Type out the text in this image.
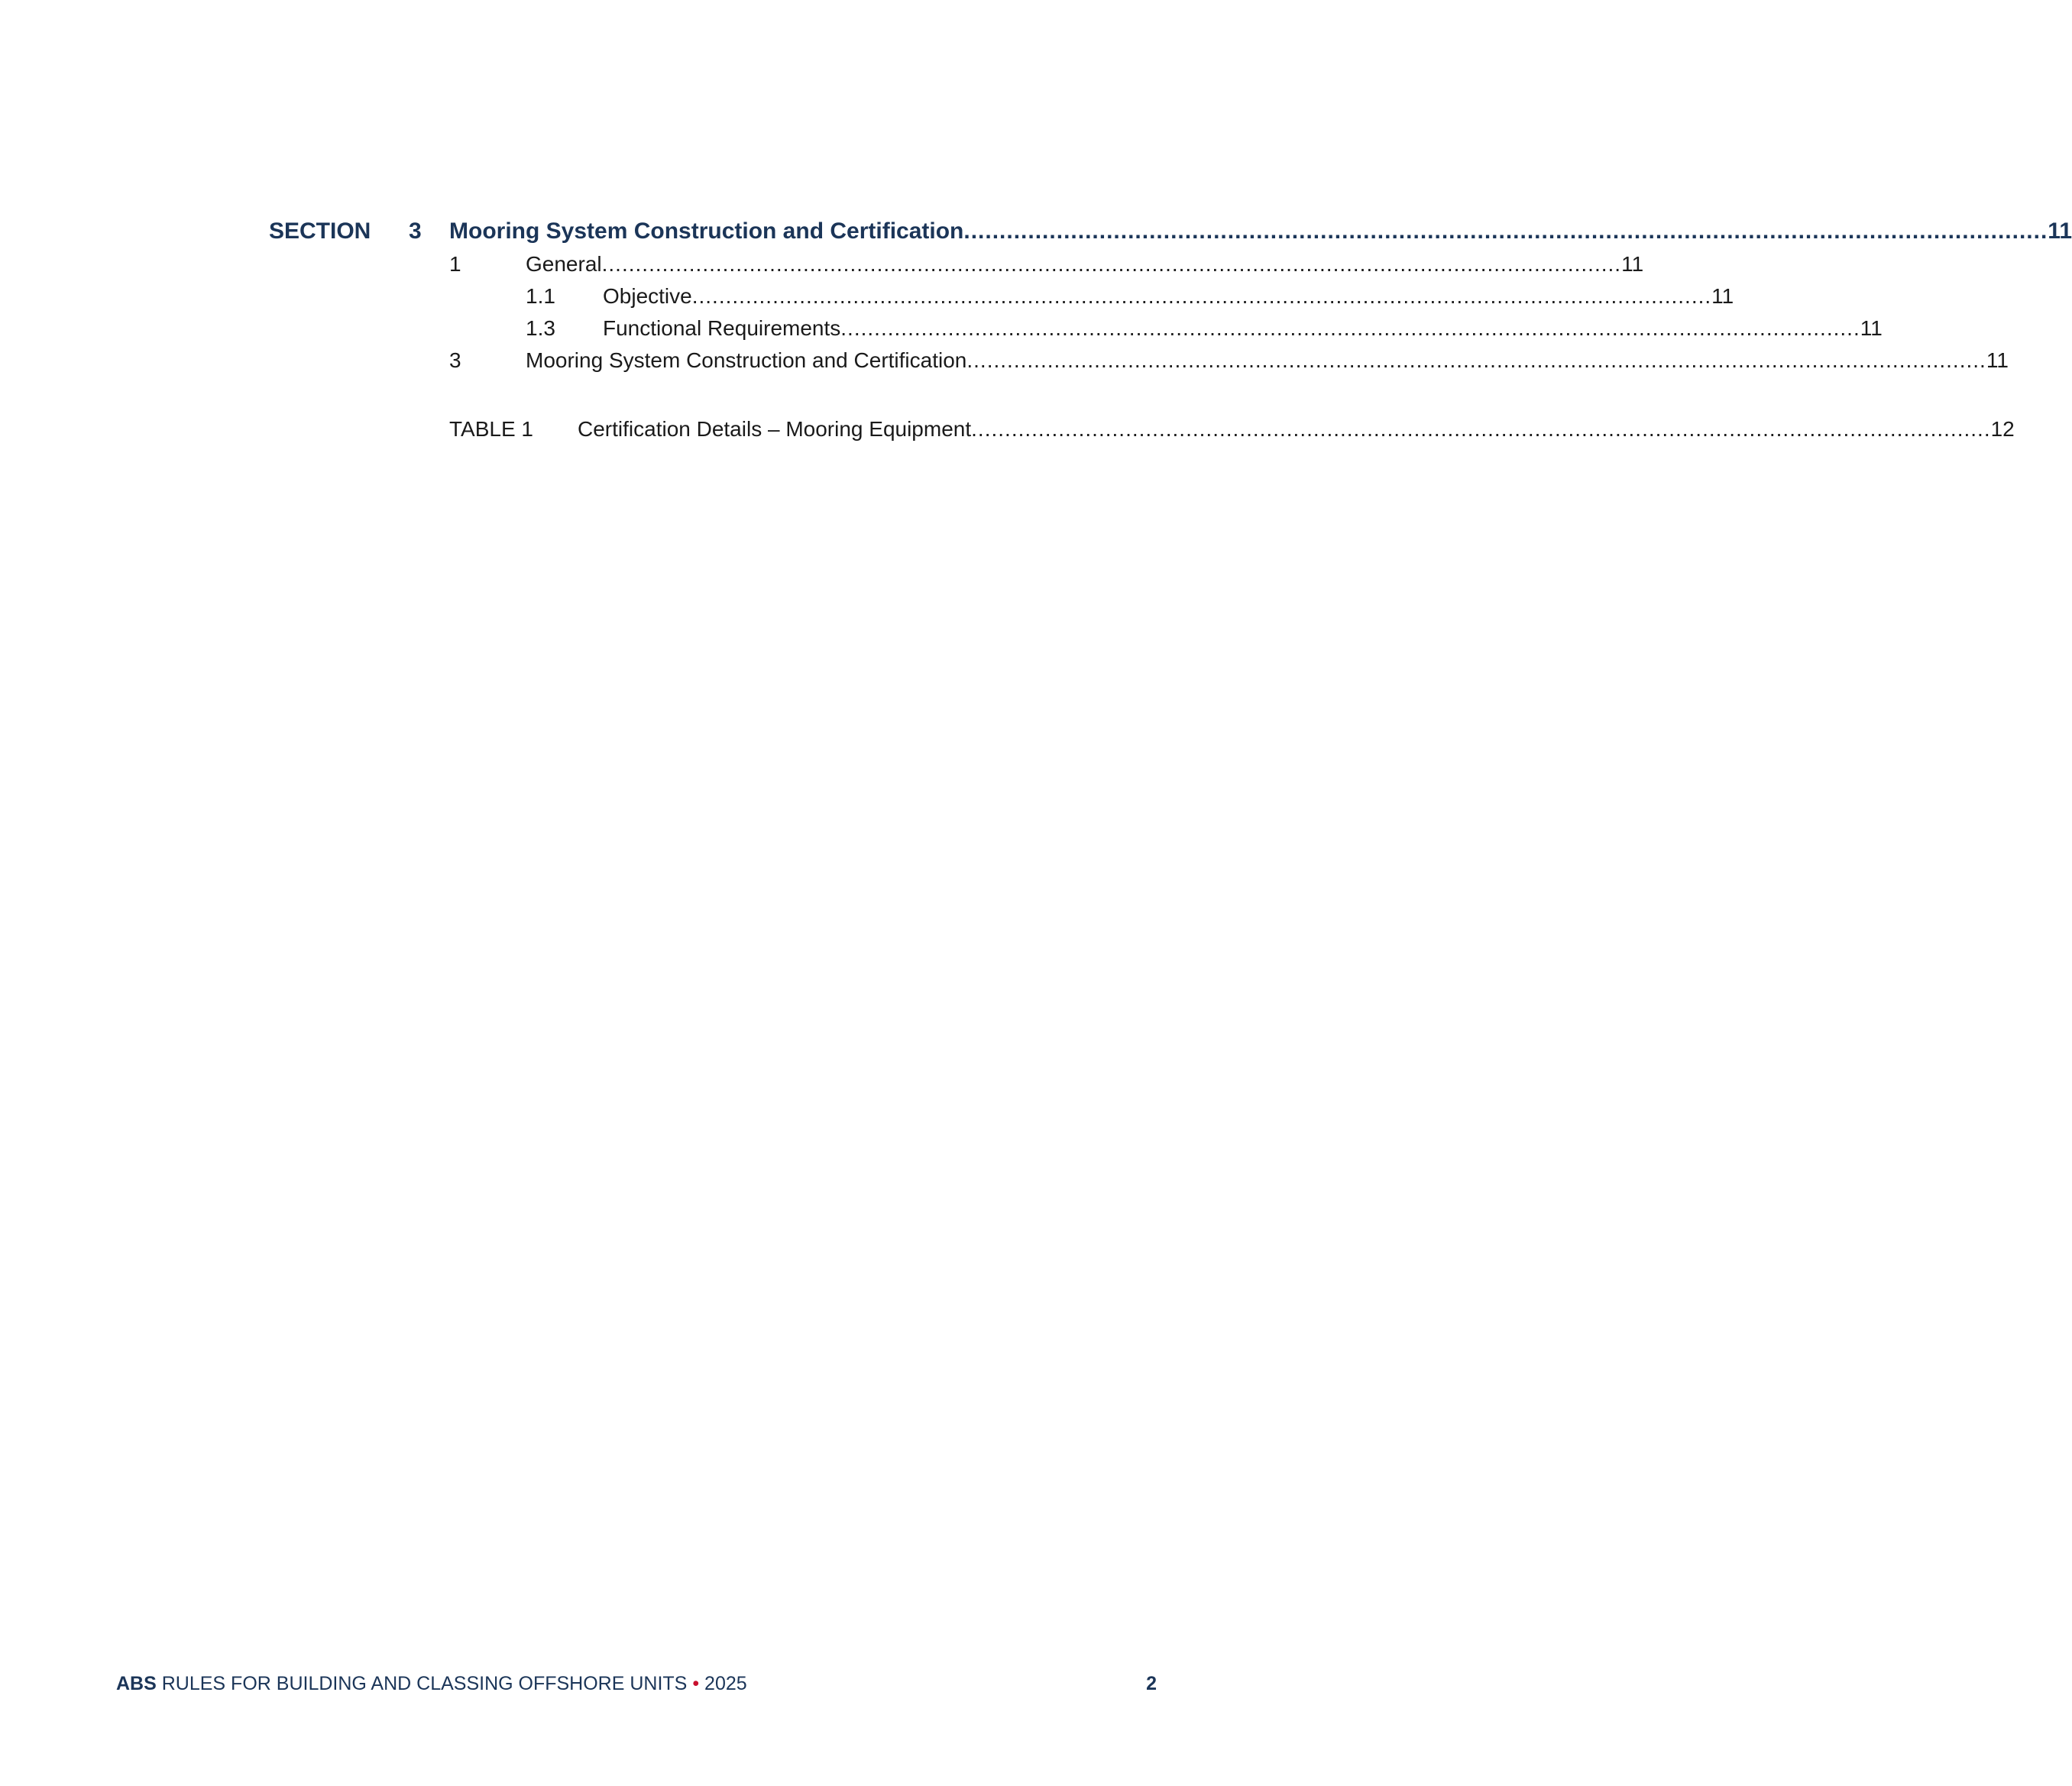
SECTION 3 Mooring System Construction and Certification ........................................................................................................................................................ 11
1	General ........................................................................................................................................................ 11
1.1 Objective ........................................................................................................................................................ 11
1.3 Functional Requirements ........................................................................................................................................................ 11
3	Mooring System Construction and Certification ........................................................................................................................................................ 11
TABLE 1 Certification Details – Mooring Equipment ........................................................................................................................................................ 12
ABS RULES FOR BUILDING AND CLASSING OFFSHORE UNITS • 2025	2
